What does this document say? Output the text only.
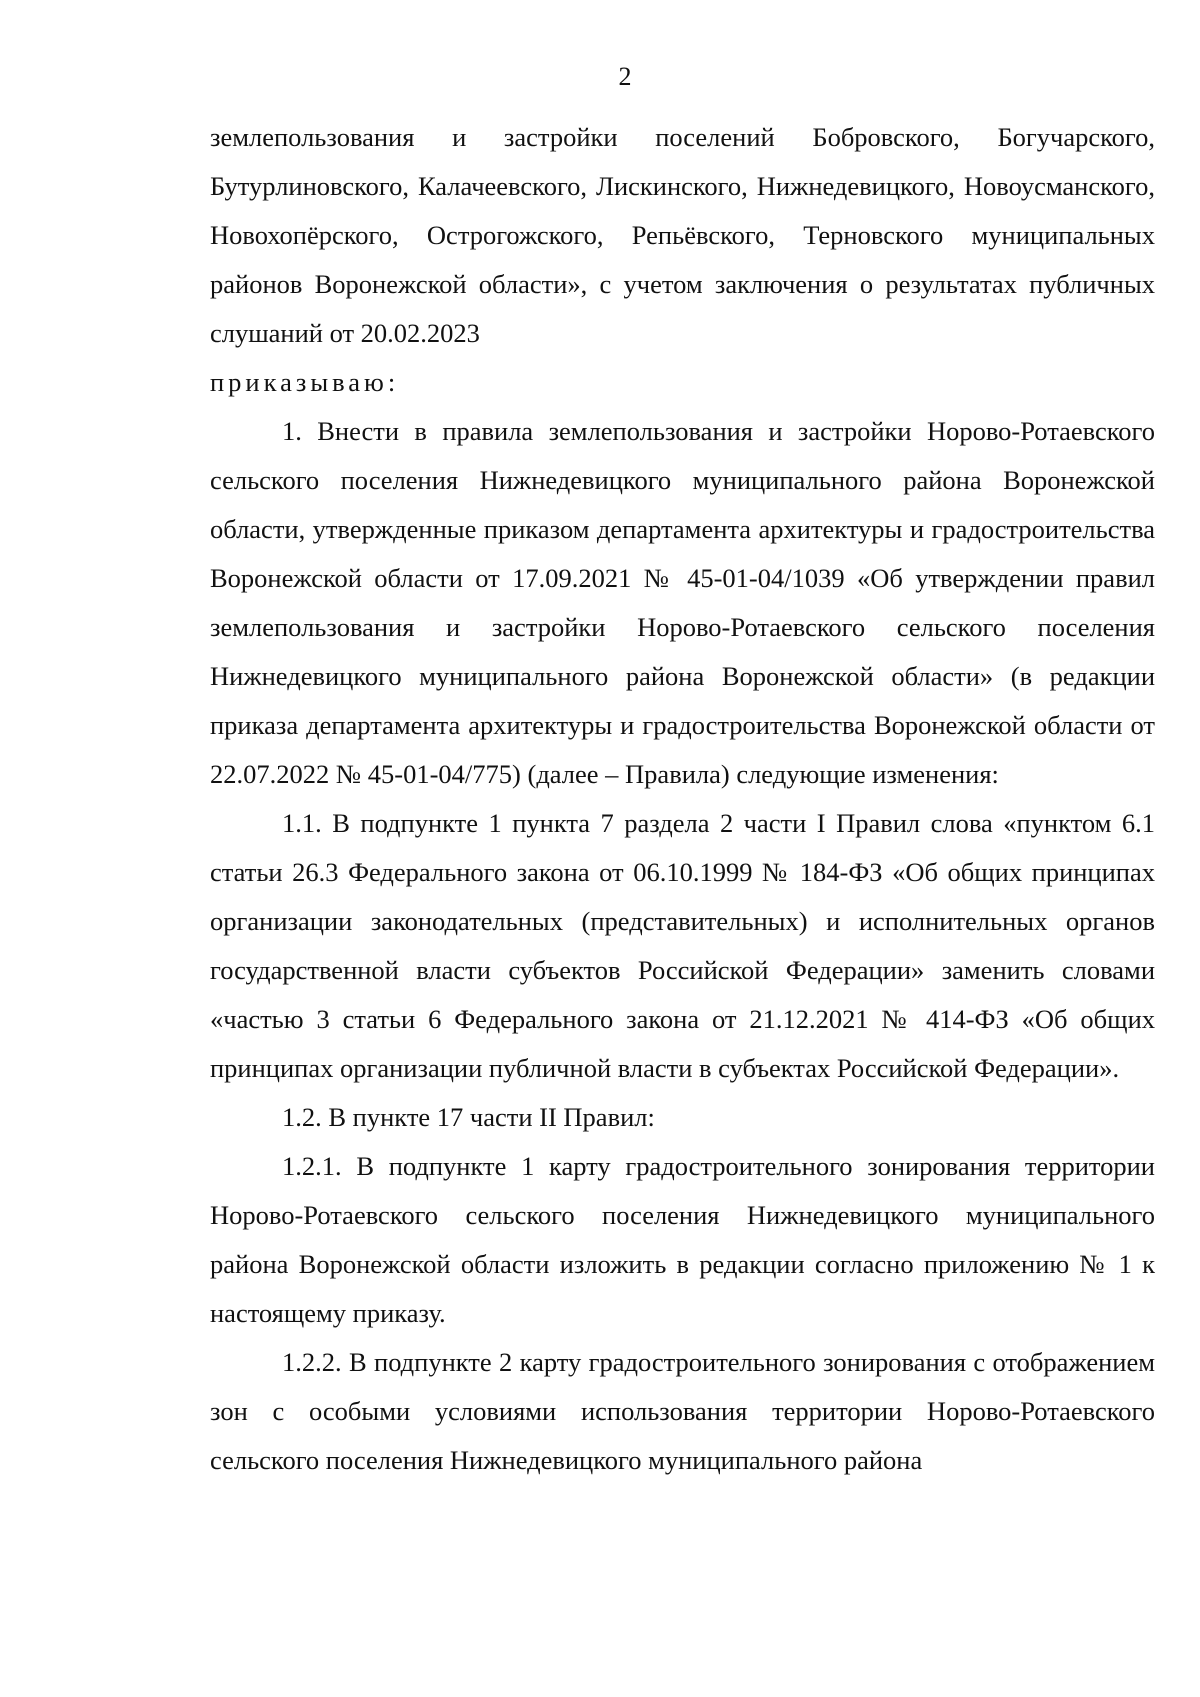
2

землепользования и застройки поселений Бобровского, Богучарского, Бутурлиновского, Калачеевского, Лискинского, Нижнедевицкого, Новоусманского, Новохопёрского, Острогожского, Репьёвского, Терновского муниципальных районов Воронежской области», с учетом заключения о результатах публичных слушаний от 20.02.2023

приказываю:

1. Внести в правила землепользования и застройки Норово-Ротаевского сельского поселения Нижнедевицкого муниципального района Воронежской области, утвержденные приказом департамента архитектуры и градостроительства Воронежской области от 17.09.2021 № 45-01-04/1039 «Об утверждении правил землепользования и застройки Норово-Ротаевского сельского поселения Нижнедевицкого муниципального района Воронежской области» (в редакции приказа департамента архитектуры и градостроительства Воронежской области от 22.07.2022 № 45-01-04/775) (далее – Правила) следующие изменения:

1.1. В подпункте 1 пункта 7 раздела 2 части I Правил слова «пунктом 6.1 статьи 26.3 Федерального закона от 06.10.1999 № 184-ФЗ «Об общих принципах организации законодательных (представительных) и исполнительных органов государственной власти субъектов Российской Федерации» заменить словами «частью 3 статьи 6 Федерального закона от 21.12.2021 № 414-ФЗ «Об общих принципах организации публичной власти в субъектах Российской Федерации».

1.2. В пункте 17 части II Правил:

1.2.1. В подпункте 1 карту градостроительного зонирования территории Норово-Ротаевского сельского поселения Нижнедевицкого муниципального района Воронежской области изложить в редакции согласно приложению № 1 к настоящему приказу.

1.2.2. В подпункте 2 карту градостроительного зонирования с отображением зон с особыми условиями использования территории Норово-Ротаевского сельского поселения Нижнедевицкого муниципального района
